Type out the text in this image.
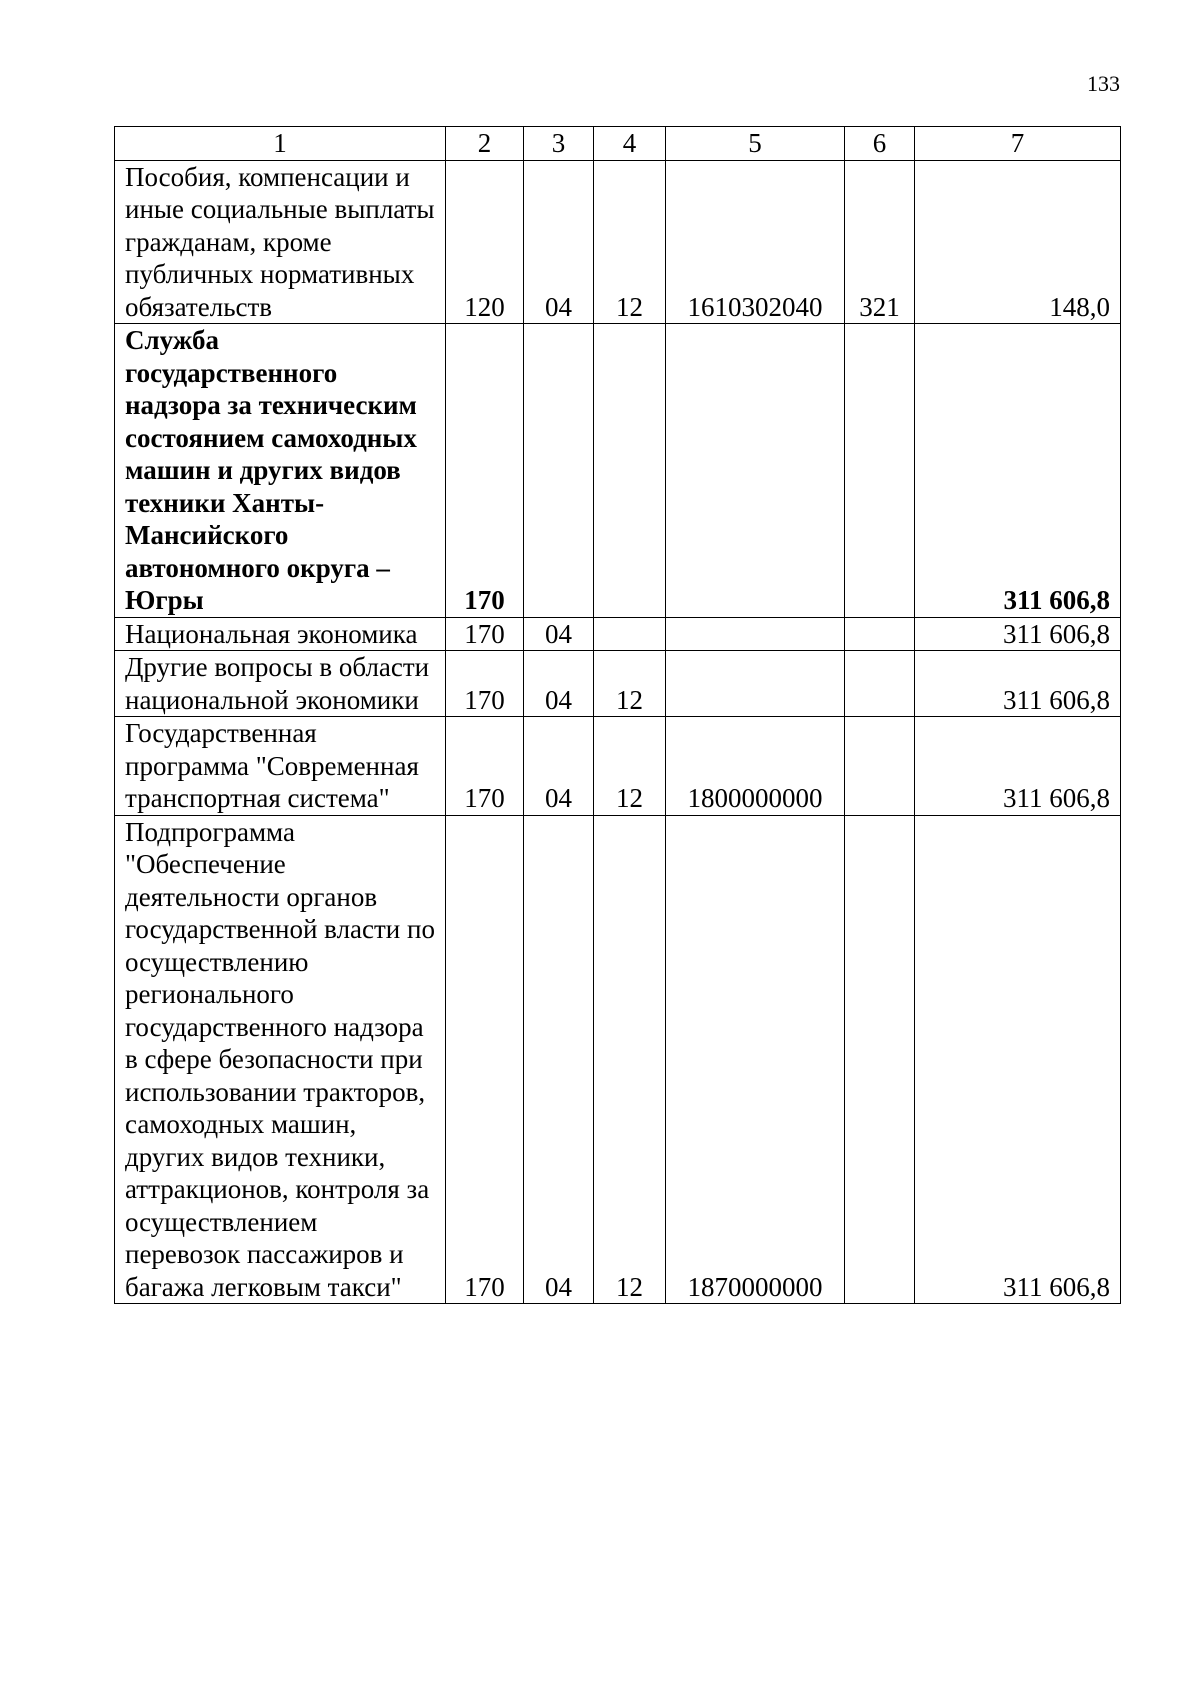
133
1	2	3	4	5	6	7
Пособия, компенсации и иные социальные выплаты гражданам, кроме публичных нормативных обязательств	120	04	12	1610302040	321	148,0
Служба государственного надзора за техническим состоянием самоходных машин и других видов техники Ханты-Мансийского автономного округа – Югры	170					311 606,8
Национальная экономика	170	04				311 606,8
Другие вопросы в области национальной экономики	170	04	12			311 606,8
Государственная программа "Современная транспортная система"	170	04	12	1800000000		311 606,8
Подпрограмма "Обеспечение деятельности органов государственной власти по осуществлению регионального государственного надзора в сфере безопасности при использовании тракторов, самоходных машин, других видов техники, аттракционов, контроля за осуществлением перевозок пассажиров и багажа легковым такси"	170	04	12	1870000000		311 606,8
